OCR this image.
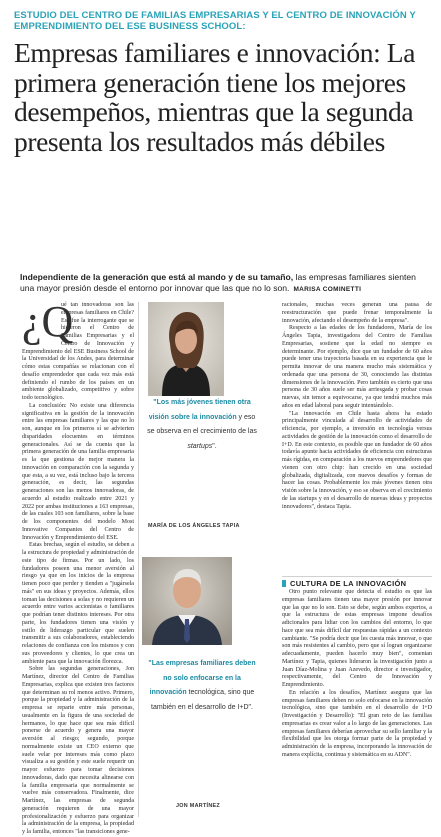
ESTUDIO DEL CENTRO DE FAMILIAS EMPRESARIAS Y EL CENTRO DE INNOVACIÓN Y EMPRENDIMIENTO DEL ESE BUSINESS SCHOOL:
Empresas familiares e innovación: La primera generación tiene los mejores desempeños, mientras que la segunda presenta los resultados más débiles
Independiente de la generación que está al mando y de su tamaño, las empresas familiares sienten una mayor presión desde el entorno por innovar que las que no lo son. MARISA COMINETTI
¿Q

ué tan innovadoras son las empresas familiares en Chile? Esa fue la interrogante que se hicieron el Centro de Familias Empresarias y el Centro de Innovación y Emprendimiento del ESE Business School de la Universidad de los Andes, para determinar cómo estas compañías se relacionan con el desafío emprendedor que cada vez más está definiendo el rumbo de los países en un ambiente globalizado, competitivo y sobre todo tecnológico.

La conclusión: No existe una diferencia significativa en la gestión de la innovación entre las empresas familiares y las que no lo son, aunque en los primeros sí se advierten disparidades elocuentes en términos generacionales. Así se da cuenta que la primera generación de una familia empresaria es la que gestiona de mejor manera la innovación en comparación con la segunda y que esta, a su vez, está incluso bajo la tercera generación, es decir, las segundas generaciones son las menos innovadoras, de acuerdo al estudio realizado entre 2021 y 2022 por ambas instituciones a 163 empresas, de las cuales 103 son familiares, sobre la base de los componentes del modelo Most Innovative Companies del Centro de Innovación y Emprendimiento del ESE.

Estas brechas, según el estudio, se deben a la estructura de propiedad y administración de este tipo de firmas. Por un lado, los fundadores poseen una menor aversión al riesgo ya que en los inicios de la empresa tienen poco que perder y tienden a "jugársela más" en sus ideas y proyectos. Además, ellos toman las decisiones a solas y no requieren un acuerdo entre varios accionistas o familiares que podrían tener distintos intereses. Por otra parte, los fundadores tienen una visión y estilo de liderazgo particular que suelen transmitir a sus colaboradores, estableciendo relaciones de confianza con los mismos y con sus proveedores y clientes, lo que crea un ambiente para que la innovación florezca.

Sobre las segundas generaciones, Jon Martínez, director del Centro de Familias Empresarias, explica que existen tres factores que determinan su rol menos activo. Primero, porque la propiedad y la administración de la empresa se reparte entre más personas, usualmente en la figura de una sociedad de hermanos, lo que hace que sea más difícil ponerse de acuerdo y genera una mayor aversión al riesgo; segundo, porque normalmente existe un CEO externo que suele velar por intereses más como plazo visualiza a su gestión y este suele requerir un mayor esfuerzo para tomar decisiones innovadoras, dado que necesita alinearse con la familia empresaria que normalmente se vuelve más conservadora. Finalmente, dice Martínez, las empresas de segunda generación requieren de una mayor profesionalización y esfuerzo para organizar la administración de la empresa, la propiedad y la familia, entonces "las transiciones gene-

"Los más jóvenes tienen otra visión sobre la innovación y eso se observa en el crecimiento de las startups".
MARÍA DE LOS ÁNGELES TAPIA
"Las empresas familiares deben no solo enfocarse en la innovación tecnológica, sino que también en el desarrollo de I+D".
JON MARTÍNEZ

racionales, muchas veces generan una pausa de reestructuración que puede frenar temporalmente la innovación, afectando el desempeño de la empresa".

Respecto a las edades de los fundadores, María de los Ángeles Tapia, investigadora del Centro de Familias Empresarias, sostiene que la edad no siempre es determinante. Por ejemplo, dice que un fundador de 60 años puede tener una trayectoria basada en su experiencia que le permita innovar de una manera mucho más sistemática y ordenada que una persona de 30, conociendo las distintas dimensiones de la innovación. Pero también es cierto que una persona de 30 años suele ser más arriesgada y probar cosas nuevas, sin temor a equivocarse, ya que tendrá muchos más años en edad laboral para seguir intentándolo.

"La innovación en Chile hasta ahora ha estado principalmente vinculada al desarrollo de actividades de eficiencia, por ejemplo, a inversión en tecnología versus actividades de gestión de la innovación como el desarrollo de I+D. En este contexto, es posible que un fundador de 60 años todavía apunte hacia actividades de eficiencia con estructuras más rígidas, en comparación a los nuevos emprendedores que vienen con otro chip: han crecido en una sociedad globalizada, digitalizada, con nuevos desafíos y formas de hacer las cosas. Probablemente los más jóvenes tienen otra visión sobre la innovación, y eso se observa en el crecimiento de las startups y en el desarrollo de nuevas ideas y proyectos innovadores", destaca Tapia.

CULTURA DE LA INNOVACIÓN

Otro punto relevante que detecta el estudio es que las empresas familiares tienen una mayor presión por innovar que las que no lo son. Esto se debe, según ambos expertos, a que la estructura de estas empresas impone desafíos adicionales para lidiar con los cambios del entorno, lo que hace que sea más difícil dar respuestas rápidas a un contexto cambiante. "Se podría decir que les cuesta más innovar, o que son más resistentes al cambio, pero que sí logran organizarse adecuadamente, pueden hacerlo muy bien", comentan Martínez y Tapia, quienes lideraron la investigación junto a Juan Díaz-Molina y Juan Azevedo, director e investigador, respectivamente, del Centro de Innovación y Emprendimiento.

En relación a los desafíos, Martínez asegura que las empresas familiares deben no solo enfocarse en la innovación tecnológica, sino que también en el desarrollo de I+D (Investigación y Desarrollo): "El gran reto de las familias empresarias es crear valor a lo largo de las generaciones. Las empresas familiares deberían aprovechar su sello familiar y la flexibilidad que les otorga formar parte de la propiedad y administración de la empresa, incorporando la innovación de manera explícita, continua y sistemática en su ADN".
